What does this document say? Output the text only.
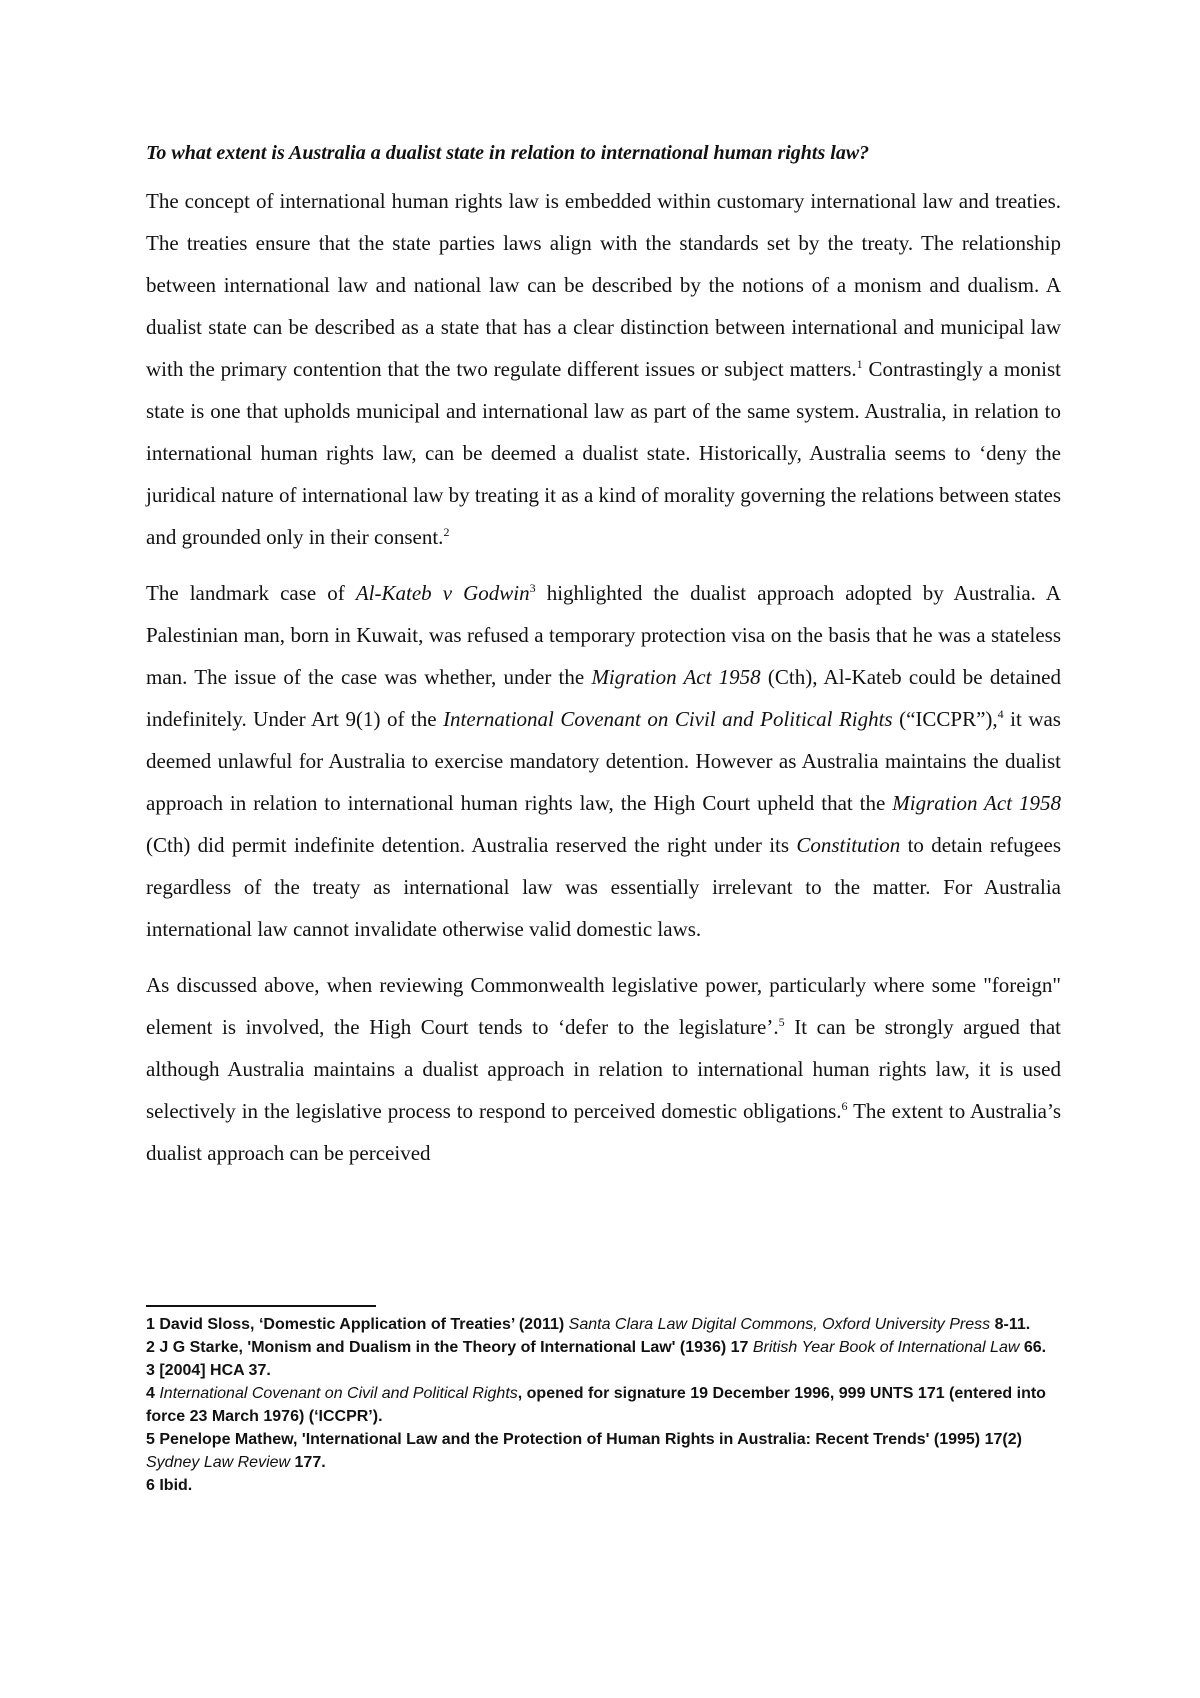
To what extent is Australia a dualist state in relation to international human rights law?

The concept of international human rights law is embedded within customary international law and treaties. The treaties ensure that the state parties laws align with the standards set by the treaty. The relationship between international law and national law can be described by the notions of a monism and dualism. A dualist state can be described as a state that has a clear distinction between international and municipal law with the primary contention that the two regulate different issues or subject matters.$^1$ Contrastingly a monist state is one that upholds municipal and international law as part of the same system. Australia, in relation to international human rights law, can be deemed a dualist state. Historically, Australia seems to ‘deny the juridical nature of international law by treating it as a kind of morality governing the relations between states and grounded only in their consent.$^2$

The landmark case of Al-Kateb v Godwin$^3$ highlighted the dualist approach adopted by Australia. A Palestinian man, born in Kuwait, was refused a temporary protection visa on the basis that he was a stateless man. The issue of the case was whether, under the Migration Act 1958 (Cth), Al-Kateb could be detained indefinitely. Under Art 9(1) of the International Covenant on Civil and Political Rights (“ICCPR”),$^4$ it was deemed unlawful for Australia to exercise mandatory detention. However as Australia maintains the dualist approach in relation to international human rights law, the High Court upheld that the Migration Act 1958 (Cth) did permit indefinite detention. Australia reserved the right under its Constitution to detain refugees regardless of the treaty as international law was essentially irrelevant to the matter. For Australia international law cannot invalidate otherwise valid domestic laws.

As discussed above, when reviewing Commonwealth legislative power, particularly where some "foreign" element is involved, the High Court tends to ‘defer to the legislature’.$^5$ It can be strongly argued that although Australia maintains a dualist approach in relation to international human rights law, it is used selectively in the legislative process to respond to perceived domestic obligations.$^6$ The extent to Australia’s dualist approach can be perceived

1 David Sloss, ‘Domestic Application of Treaties’ (2011) Santa Clara Law Digital Commons, Oxford University Press 8-11.

2 J G Starke, 'Monism and Dualism in the Theory of International Law' (1936) 17 British Year Book of International Law 66.

3 [2004] HCA 37.

4 International Covenant on Civil and Political Rights, opened for signature 19 December 1996, 999 UNTS 171 (entered into force 23 March 1976) (‘ICCPR’).

5 Penelope Mathew, 'International Law and the Protection of Human Rights in Australia: Recent Trends' (1995) 17(2) Sydney Law Review 177.

6 Ibid.
